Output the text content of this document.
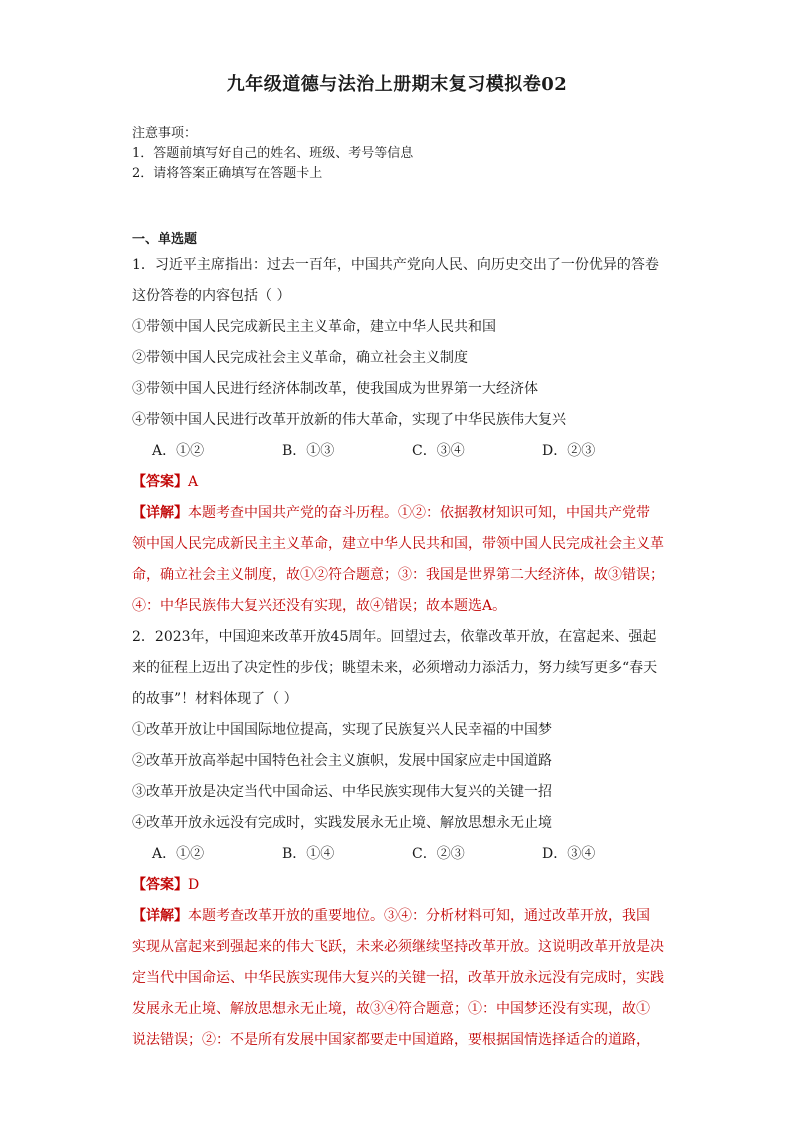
九年级道德与法治上册期末复习模拟卷02
注意事项：
1．答题前填写好自己的姓名、班级、考号等信息
2．请将答案正确填写在答题卡上
一、单选题
1．习近平主席指出：过去一百年，中国共产党向人民、向历史交出了一份优异的答卷
这份答卷的内容包括（ ）
①带领中国人民完成新民主主义革命，建立中华人民共和国
②带领中国人民完成社会主义革命，确立社会主义制度
③带领中国人民进行经济体制改革，使我国成为世界第一大经济体
④带领中国人民进行改革开放新的伟大革命，实现了中华民族伟大复兴
A．①②	B．①③	C．③④	D．②③
【答案】A
【详解】本题考查中国共产党的奋斗历程。①②：依据教材知识可知，中国共产党带
领中国人民完成新民主主义革命，建立中华人民共和国，带领中国人民完成社会主义革
命，确立社会主义制度，故①②符合题意；③：我国是世界第二大经济体，故③错误；
④：中华民族伟大复兴还没有实现，故④错误；故本题选A。
2．2023年，中国迎来改革开放45周年。回望过去，依靠改革开放，在富起来、强起
来的征程上迈出了决定性的步伐；眺望未来，必须增动力添活力，努力续写更多“春天
的故事”！材料体现了（ ）
①改革开放让中国国际地位提高，实现了民族复兴人民幸福的中国梦
②改革开放高举起中国特色社会主义旗帜，发展中国家应走中国道路
③改革开放是决定当代中国命运、中华民族实现伟大复兴的关键一招
④改革开放永远没有完成时，实践发展永无止境、解放思想永无止境
A．①②	B．①④	C．②③	D．③④
【答案】D
【详解】本题考查改革开放的重要地位。③④：分析材料可知，通过改革开放，我国
实现从富起来到强起来的伟大飞跃，未来必须继续坚持改革开放。这说明改革开放是决
定当代中国命运、中华民族实现伟大复兴的关键一招，改革开放永远没有完成时，实践
发展永无止境、解放思想永无止境，故③④符合题意；①：中国梦还没有实现，故①
说法错误；②：不是所有发展中国家都要走中国道路，要根据国情选择适合的道路，
